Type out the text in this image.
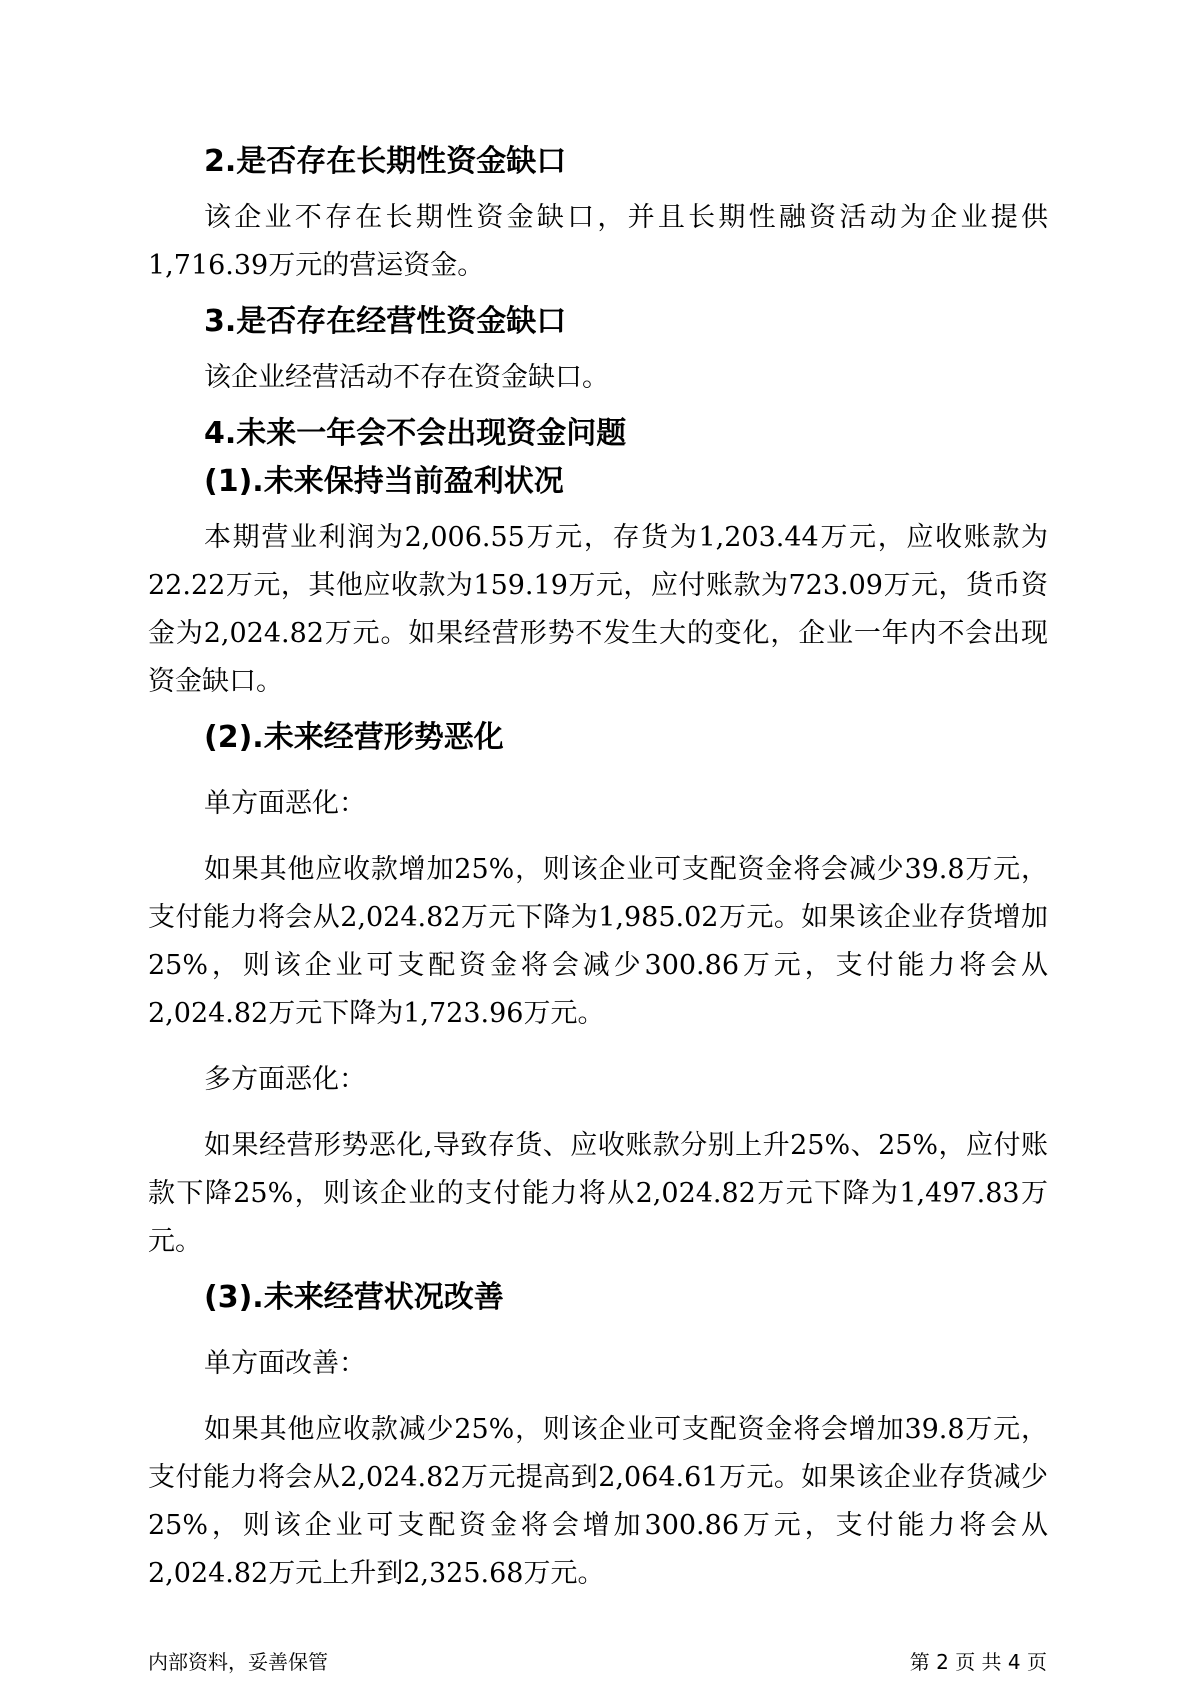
2.是否存在长期性资金缺口

该企业不存在长期性资金缺口，并且长期性融资活动为企业提供1,716.39万元的营运资金。

3.是否存在经营性资金缺口

该企业经营活动不存在资金缺口。

4.未来一年会不会出现资金问题
(1).未来保持当前盈利状况

本期营业利润为2,006.55万元，存货为1,203.44万元，应收账款为22.22万元，其他应收款为159.19万元，应付账款为723.09万元，货币资金为2,024.82万元。如果经营形势不发生大的变化，企业一年内不会出现资金缺口。

(2).未来经营形势恶化

单方面恶化：

如果其他应收款增加25%，则该企业可支配资金将会减少39.8万元，支付能力将会从2,024.82万元下降为1,985.02万元。如果该企业存货增加25%，则该企业可支配资金将会减少300.86万元，支付能力将会从2,024.82万元下降为1,723.96万元。

多方面恶化：

如果经营形势恶化,导致存货、应收账款分别上升25%、25%，应付账款下降25%，则该企业的支付能力将从2,024.82万元下降为1,497.83万元。

(3).未来经营状况改善

单方面改善：

如果其他应收款减少25%，则该企业可支配资金将会增加39.8万元，支付能力将会从2,024.82万元提高到2,064.61万元。如果该企业存货减少25%，则该企业可支配资金将会增加300.86万元，支付能力将会从2,024.82万元上升到2,325.68万元。

内部资料，妥善保管	第 2 页 共 4 页
